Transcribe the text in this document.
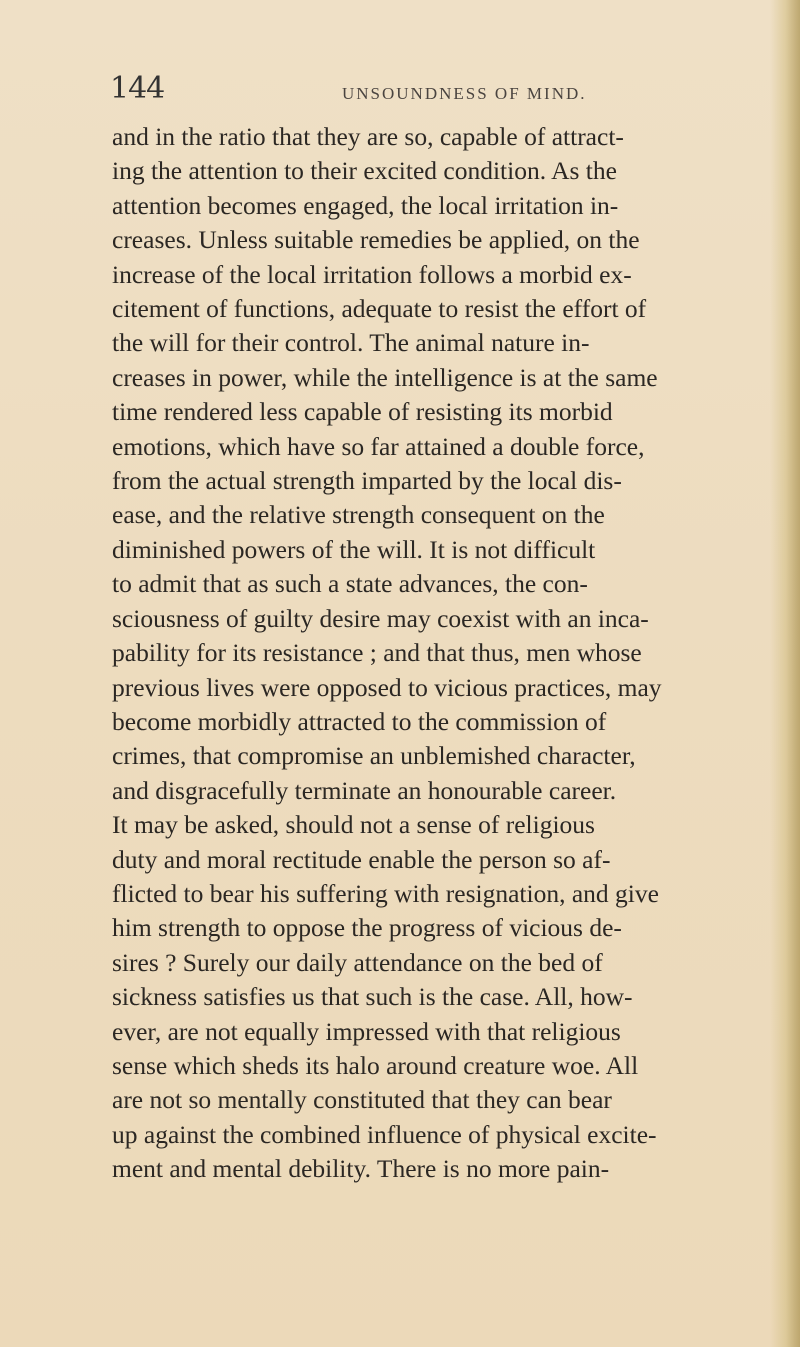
144	UNSOUNDNESS OF MIND.
and in the ratio that they are so, capable of attract-
ing the attention to their excited condition. As the
attention becomes engaged, the local irritation in-
creases. Unless suitable remedies be applied, on the
increase of the local irritation follows a morbid ex-
citement of functions, adequate to resist the effort of
the will for their control. The animal nature in-
creases in power, while the intelligence is at the same
time rendered less capable of resisting its morbid
emotions, which have so far attained a double force,
from the actual strength imparted by the local dis-
ease, and the relative strength consequent on the
diminished powers of the will. It is not difficult
to admit that as such a state advances, the con-
sciousness of guilty desire may coexist with an inca-
pability for its resistance ; and that thus, men whose
previous lives were opposed to vicious practices, may
become morbidly attracted to the commission of
crimes, that compromise an unblemished character,
and disgracefully terminate an honourable career.
It may be asked, should not a sense of religious
duty and moral rectitude enable the person so af-
flicted to bear his suffering with resignation, and give
him strength to oppose the progress of vicious de-
sires ? Surely our daily attendance on the bed of
sickness satisfies us that such is the case. All, how-
ever, are not equally impressed with that religious
sense which sheds its halo around creature woe. All
are not so mentally constituted that they can bear
up against the combined influence of physical excite-
ment and mental debility. There is no more pain-
